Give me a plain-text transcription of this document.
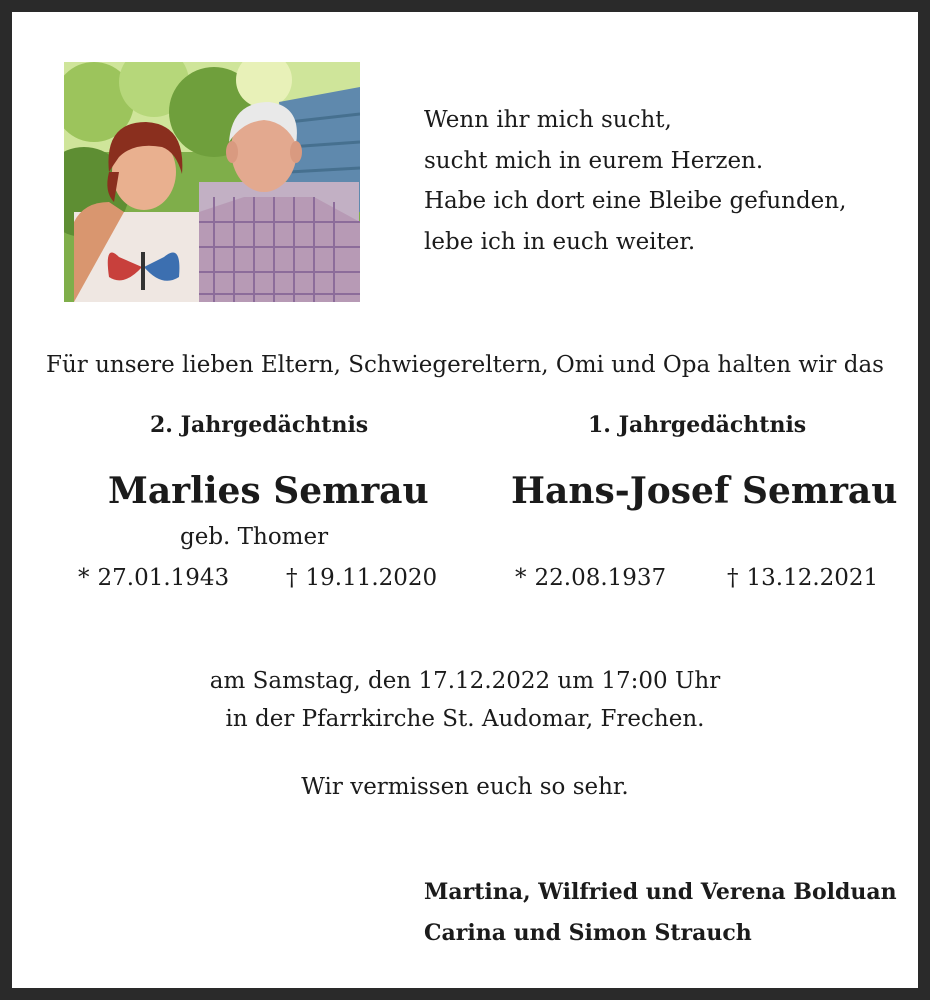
Wenn ihr mich sucht,
sucht mich in eurem Herzen.
Habe ich dort eine Bleibe gefunden,
lebe ich in euch weiter.
Für unsere lieben Eltern, Schwiegereltern, Omi und Opa halten wir das
2. Jahrgedächtnis
Marlies Semrau
geb. Thomer
* 27.01.1943 † 19.11.2020
1. Jahrgedächtnis
Hans-Josef Semrau
* 22.08.1937	† 13.12.2021
am Samstag, den 17.12.2022 um 17:00 Uhr
in der Pfarrkirche St. Audomar, Frechen.
Wir vermissen euch so sehr.
Martina, Wilfried und Verena Bolduan
Carina und Simon Strauch
